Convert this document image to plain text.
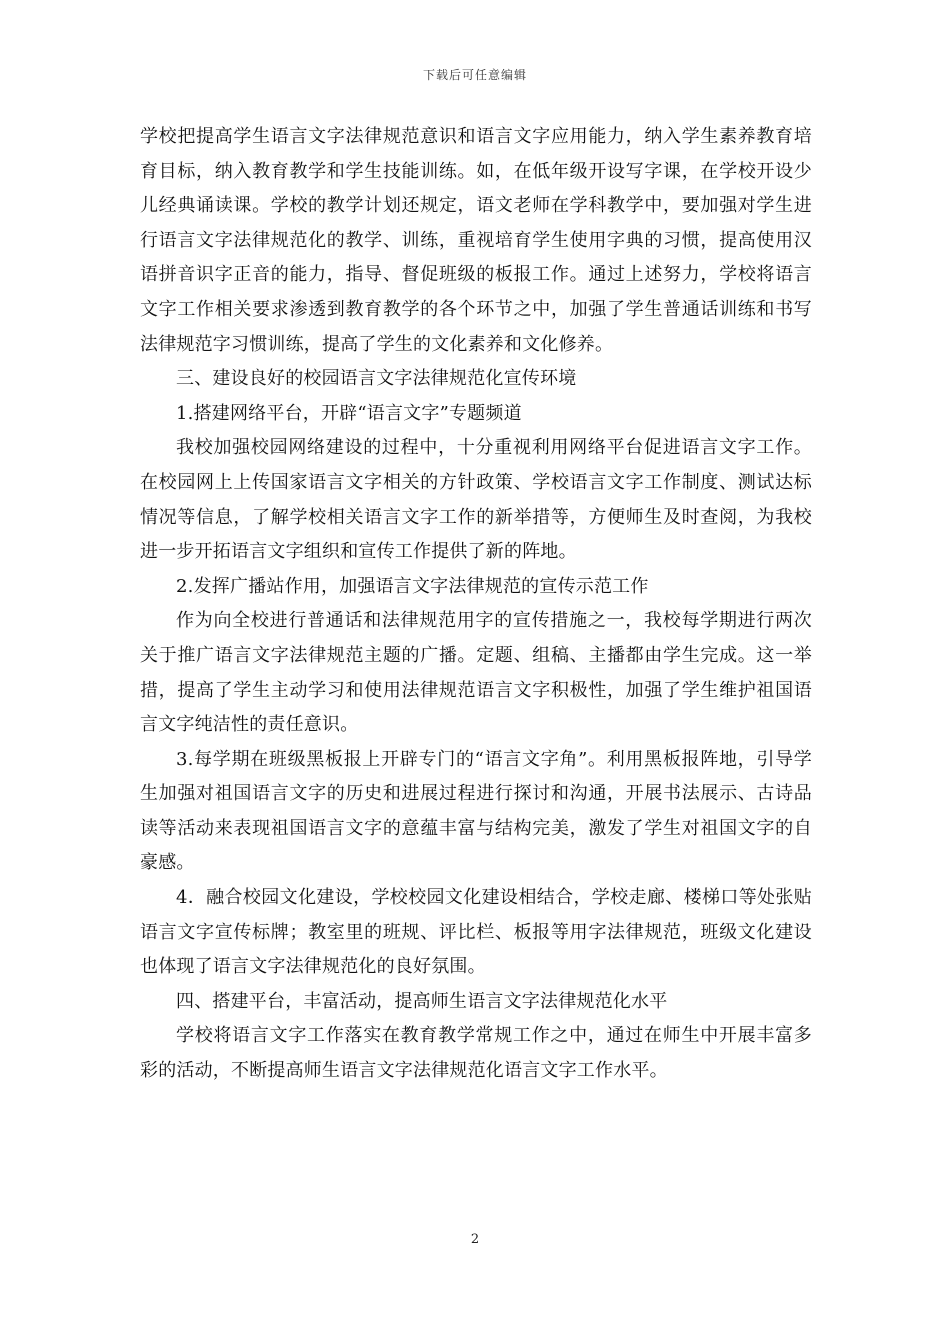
下载后可任意编辑

学校把提高学生语言文字法律规范意识和语言文字应用能力，纳入学生素养教育培育目标，纳入教育教学和学生技能训练。如，在低年级开设写字课，在学校开设少儿经典诵读课。学校的教学计划还规定，语文老师在学科教学中，要加强对学生进行语言文字法律规范化的教学、训练，重视培育学生使用字典的习惯，提高使用汉语拼音识字正音的能力，指导、督促班级的板报工作。通过上述努力，学校将语言文字工作相关要求渗透到教育教学的各个环节之中，加强了学生普通话训练和书写法律规范字习惯训练，提高了学生的文化素养和文化修养。

三、建设良好的校园语言文字法律规范化宣传环境

1.搭建网络平台，开辟“语言文字”专题频道

我校加强校园网络建设的过程中，十分重视利用网络平台促进语言文字工作。在校园网上上传国家语言文字相关的方针政策、学校语言文字工作制度、测试达标情况等信息，了解学校相关语言文字工作的新举措等，方便师生及时查阅，为我校进一步开拓语言文字组织和宣传工作提供了新的阵地。

2.发挥广播站作用，加强语言文字法律规范的宣传示范工作

作为向全校进行普通话和法律规范用字的宣传措施之一，我校每学期进行两次关于推广语言文字法律规范主题的广播。定题、组稿、主播都由学生完成。这一举措，提高了学生主动学习和使用法律规范语言文字积极性，加强了学生维护祖国语言文字纯洁性的责任意识。

3.每学期在班级黑板报上开辟专门的“语言文字角”。利用黑板报阵地，引导学生加强对祖国语言文字的历史和进展过程进行探讨和沟通，开展书法展示、古诗品读等活动来表现祖国语言文字的意蕴丰富与结构完美，激发了学生对祖国文字的自豪感。

4．融合校园文化建设，学校校园文化建设相结合，学校走廊、楼梯口等处张贴语言文字宣传标牌；教室里的班规、评比栏、板报等用字法律规范，班级文化建设也体现了语言文字法律规范化的良好氛围。

四、搭建平台，丰富活动，提高师生语言文字法律规范化水平

学校将语言文字工作落实在教育教学常规工作之中，通过在师生中开展丰富多彩的活动，不断提高师生语言文字法律规范化语言文字工作水平。

2
